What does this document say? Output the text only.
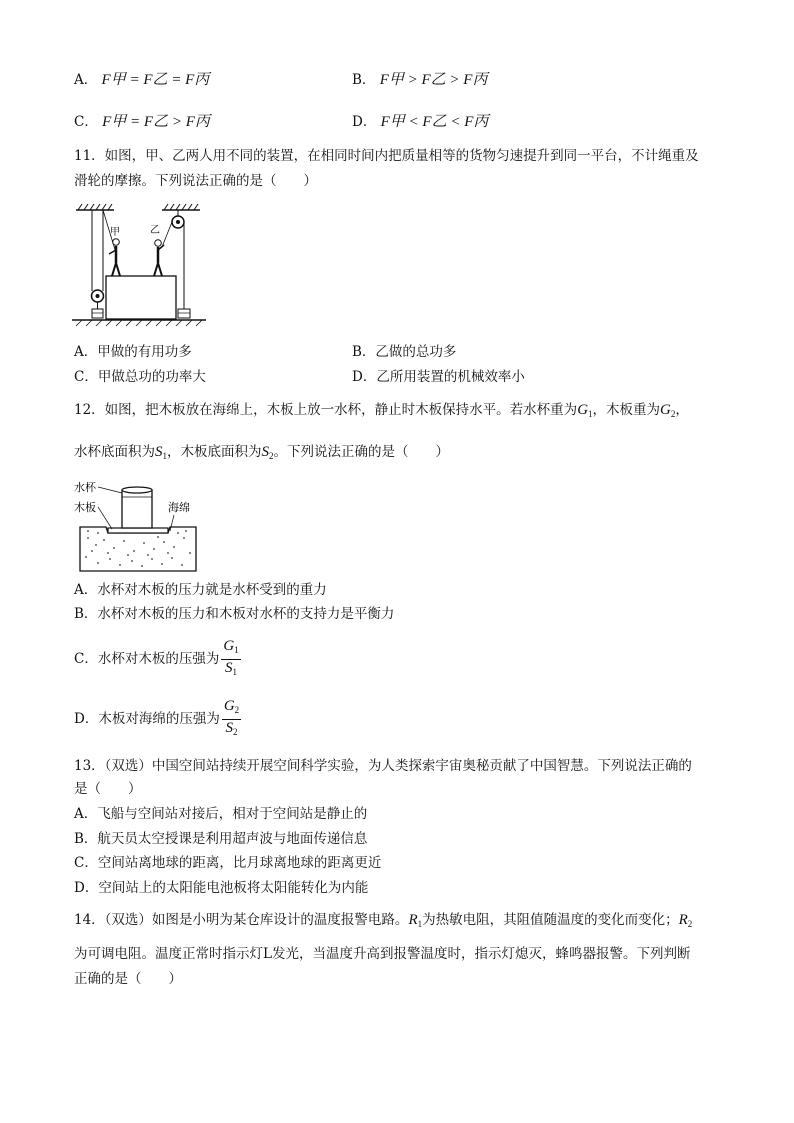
A． F甲 = F乙 = F丙	B． F甲 > F乙 > F丙
C． F甲 = F乙 > F丙	D． F甲 < F乙 < F丙
11．如图，甲、乙两人用不同的装置，在相同时间内把质量相等的货物匀速提升到同一平台，不计绳重及
滑轮的摩擦。下列说法正确的是（　　）
甲	乙
A．甲做的有用功多	B．乙做的总功多
C．甲做总功的功率大	D．乙所用装置的机械效率小
12．如图，把木板放在海绵上，木板上放一水杯，静止时木板保持水平。若水杯重为$G_1$，木板重为$G_2$，
水杯底面积为$S_1$，木板底面积为$S_2$。下列说法正确的是（　　）
水杯
木板	海绵
A．水杯对木板的压力就是水杯受到的重力
B．水杯对木板的压力和木板对水杯的支持力是平衡力
C．水杯对木板的压强为 $\frac{G_1}{S_1}$
D．木板对海绵的压强为 $\frac{G_2}{S_2}$
13．（双选）中国空间站持续开展空间科学实验，为人类探索宇宙奥秘贡献了中国智慧。下列说法正确的
是（　　）
A．飞船与空间站对接后，相对于空间站是静止的
B．航天员太空授课是利用超声波与地面传递信息
C．空间站离地球的距离，比月球离地球的距离更近
D．空间站上的太阳能电池板将太阳能转化为内能
14．（双选）如图是小明为某仓库设计的温度报警电路。$R_1$为热敏电阻，其阻值随温度的变化而变化；$R_2$
为可调电阻。温度正常时指示灯L发光，当温度升高到报警温度时，指示灯熄灭，蜂鸣器报警。下列判断
正确的是（　　）
